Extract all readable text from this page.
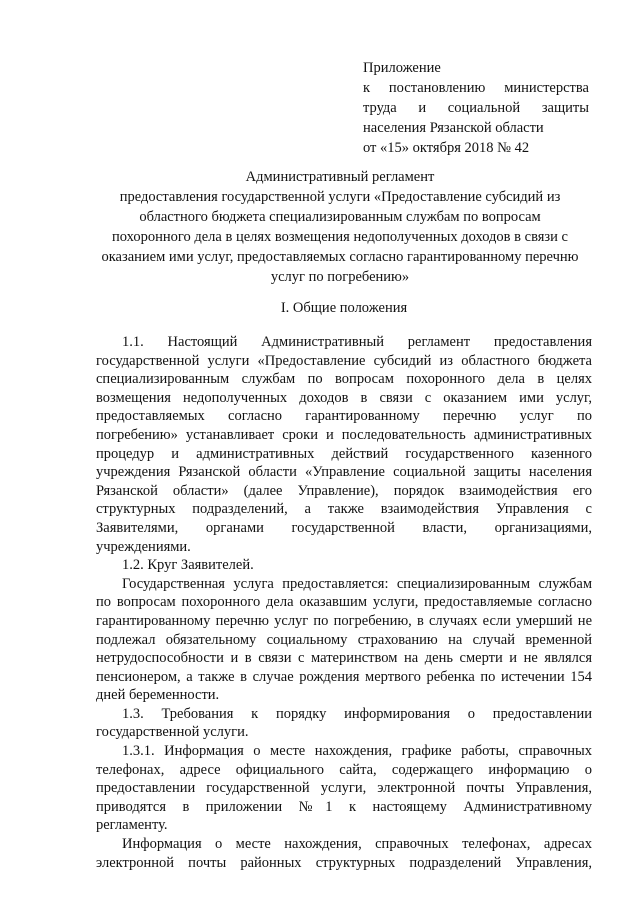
Приложение
к постановлению министерства
труда и социальной защиты
населения Рязанской области
от «15» октября 2018 № 42
Административный регламент
предоставления государственной услуги «Предоставление субсидий из
областного бюджета специализированным службам по вопросам
похоронного дела в целях возмещения недополученных доходов в связи с
оказанием ими услуг, предоставляемых согласно гарантированному перечню
услуг по погребению»
I. Общие положения
1.1. Настоящий Административный регламент предоставления
государственной услуги «Предоставление субсидий из областного бюджета
специализированным службам по вопросам похоронного дела в целях
возмещения недополученных доходов в связи с оказанием ими услуг,
предоставляемых согласно гарантированному перечню услуг по
погребению» устанавливает сроки и последовательность административных
процедур и административных действий государственного казенного
учреждения Рязанской области «Управление социальной защиты населения
Рязанской области» (далее Управление), порядок взаимодействия его
структурных подразделений, а также взаимодействия Управления с
Заявителями, органами государственной власти, организациями,
учреждениями.
1.2. Круг Заявителей.
Государственная услуга предоставляется: специализированным службам
по вопросам похоронного дела оказавшим услуги, предоставляемые согласно
гарантированному перечню услуг по погребению, в случаях если умерший не
подлежал обязательному социальному страхованию на случай временной
нетрудоспособности и в связи с материнством на день смерти и не являлся
пенсионером, а также в случае рождения мертвого ребенка по истечении 154
дней беременности.
1.3. Требования к порядку информирования о предоставлении
государственной услуги.
1.3.1. Информация о месте нахождения, графике работы, справочных
телефонах, адресе официального сайта, содержащего информацию о
предоставлении государственной услуги, электронной почты Управления,
приводятся в приложении №1 к настоящему Административному
регламенту.
Информация о месте нахождения, справочных телефонах, адресах
электронной почты районных структурных подразделений Управления,
